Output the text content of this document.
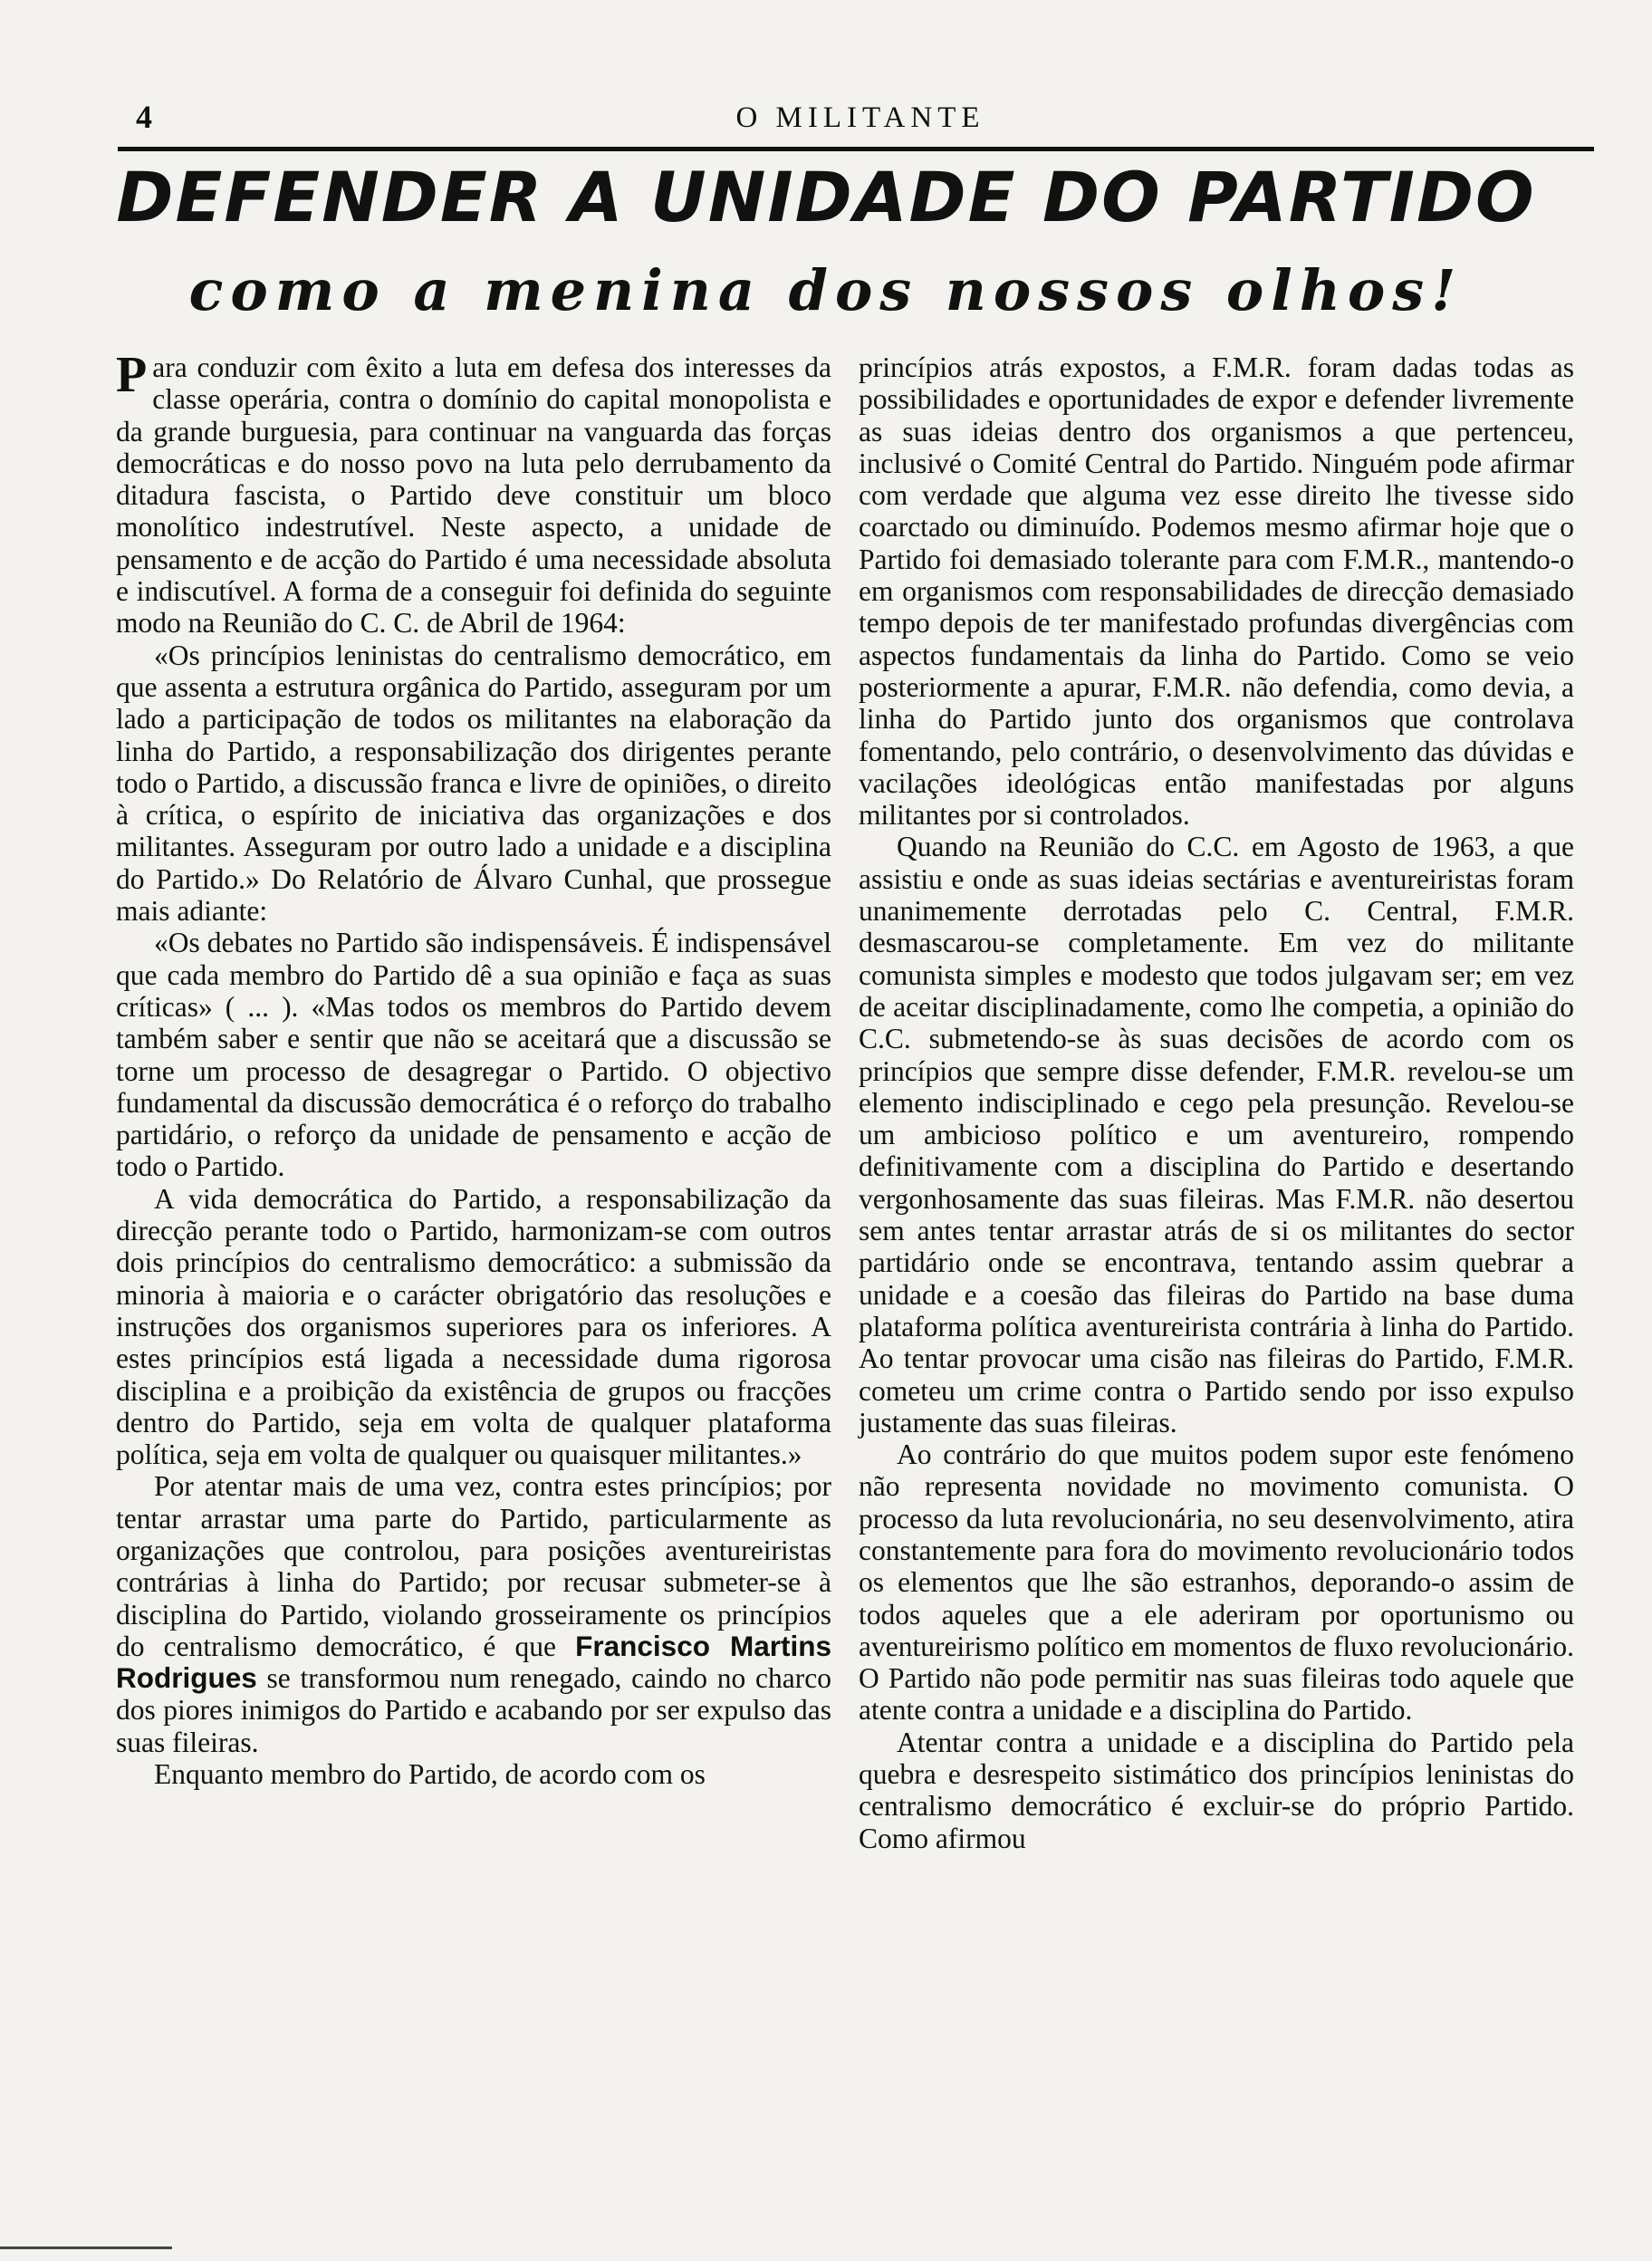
4	O MILITANTE
DEFENDER A UNIDADE DO PARTIDO
como a menina dos nossos olhos!

Para conduzir com êxito a luta em defesa dos interesses da classe operária, contra o domínio do capital monopolista e da grande burguesia, para continuar na vanguarda das forças democráticas e do nosso povo na luta pelo derrubamento da ditadura fascista, o Partido deve constituir um bloco monolítico indestrutível. Neste aspecto, a unidade de pensamento e de acção do Partido é uma necessidade absoluta e indiscutível. A forma de a conseguir foi definida do seguinte modo na Reunião do C. C. de Abril de 1964:

«Os princípios leninistas do centralismo democrático, em que assenta a estrutura orgânica do Partido, asseguram por um lado a participação de todos os militantes na elaboração da linha do Partido, a responsabilização dos dirigentes perante todo o Partido, a discussão franca e livre de opiniões, o direito à crítica, o espírito de iniciativa das organizações e dos militantes. Asseguram por outro lado a unidade e a disciplina do Partido.» Do Relatório de Álvaro Cunhal, que prossegue mais adiante:

«Os debates no Partido são indispensáveis. É indispensável que cada membro do Partido dê a sua opinião e faça as suas críticas» ( ... ). «Mas todos os membros do Partido devem também saber e sentir que não se aceitará que a discussão se torne um processo de desagregar o Partido. O objectivo fundamental da discussão democrática é o reforço do trabalho partidário, o reforço da unidade de pensamento e acção de todo o Partido.

A vida democrática do Partido, a responsabilização da direcção perante todo o Partido, harmonizam-se com outros dois princípios do centralismo democrático: a submissão da minoria à maioria e o carácter obrigatório das resoluções e instruções dos organismos superiores para os inferiores. A estes princípios está ligada a necessidade duma rigorosa disciplina e a proibição da existência de grupos ou fracções dentro do Partido, seja em volta de qualquer plataforma política, seja em volta de qualquer ou quaisquer militantes.»

Por atentar mais de uma vez, contra estes princípios; por tentar arrastar uma parte do Partido, particularmente as organizações que controlou, para posições aventureiristas contrárias à linha do Partido; por recusar submeter-se à disciplina do Partido, violando grosseiramente os princípios do centralismo democrático, é que Francisco Martins Rodrigues se transformou num renegado, caindo no charco dos piores inimigos do Partido e acabando por ser expulso das suas fileiras.

Enquanto membro do Partido, de acordo com os

princípios atrás expostos, a F.M.R. foram dadas todas as possibilidades e oportunidades de expor e defender livremente as suas ideias dentro dos organismos a que pertenceu, inclusivé o Comité Central do Partido. Ninguém pode afirmar com verdade que alguma vez esse direito lhe tivesse sido coarctado ou diminuído. Podemos mesmo afirmar hoje que o Partido foi demasiado tolerante para com F.M.R., mantendo-o em organismos com responsabilidades de direcção demasiado tempo depois de ter manifestado profundas divergências com aspectos fundamentais da linha do Partido. Como se veio posteriormente a apurar, F.M.R. não defendia, como devia, a linha do Partido junto dos organismos que controlava fomentando, pelo contrário, o desenvolvimento das dúvidas e vacilações ideológicas então manifestadas por alguns militantes por si controlados.

Quando na Reunião do C.C. em Agosto de 1963, a que assistiu e onde as suas ideias sectárias e aventureiristas foram unanimemente derrotadas pelo C. Central, F.M.R. desmascarou-se completamente. Em vez do militante comunista simples e modesto que todos julgavam ser; em vez de aceitar disciplinadamente, como lhe competia, a opinião do C.C. submetendo-se às suas decisões de acordo com os princípios que sempre disse defender, F.M.R. revelou-se um elemento indisciplinado e cego pela presunção. Revelou-se um ambicioso político e um aventureiro, rompendo definitivamente com a disciplina do Partido e desertando vergonhosamente das suas fileiras. Mas F.M.R. não desertou sem antes tentar arrastar atrás de si os militantes do sector partidário onde se encontrava, tentando assim quebrar a unidade e a coesão das fileiras do Partido na base duma plataforma política aventureirista contrária à linha do Partido. Ao tentar provocar uma cisão nas fileiras do Partido, F.M.R. cometeu um crime contra o Partido sendo por isso expulso justamente das suas fileiras.

Ao contrário do que muitos podem supor este fenómeno não representa novidade no movimento comunista. O processo da luta revolucionária, no seu desenvolvimento, atira constantemente para fora do movimento revolucionário todos os elementos que lhe são estranhos, deporando-o assim de todos aqueles que a ele aderiram por oportunismo ou aventureirismo político em momentos de fluxo revolucionário. O Partido não pode permitir nas suas fileiras todo aquele que atente contra a unidade e a disciplina do Partido.

Atentar contra a unidade e a disciplina do Partido pela quebra e desrespeito sistimático dos princípios leninistas do centralismo democrático é excluir-se do próprio Partido. Como afirmou
